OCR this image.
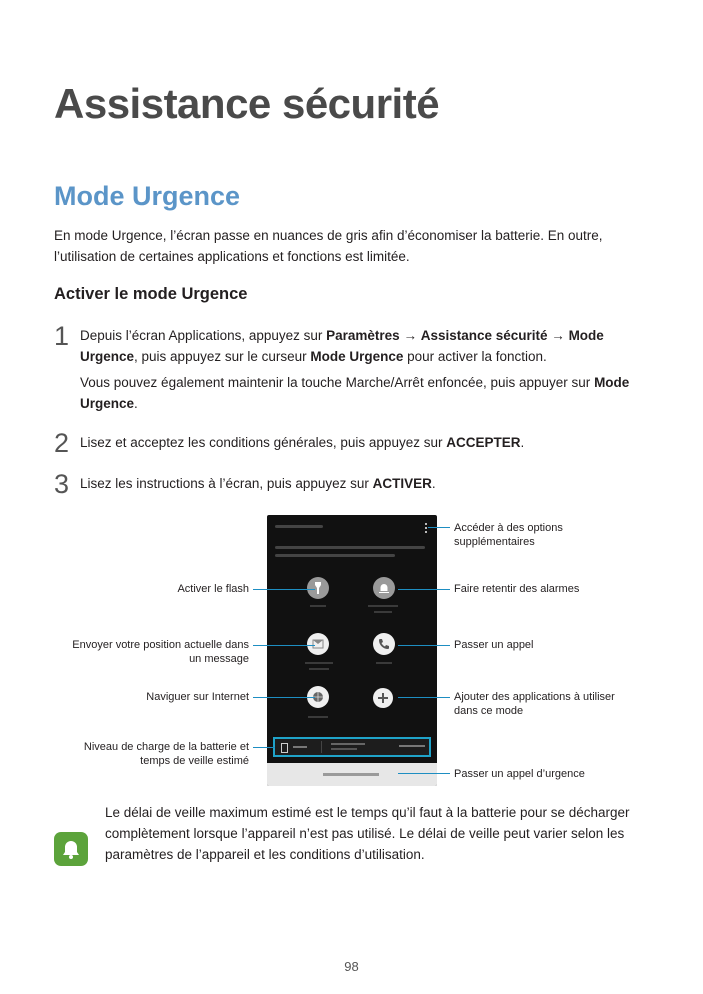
Assistance sécurité
Mode Urgence
En mode Urgence, l’écran passe en nuances de gris afin d’économiser la batterie. En outre, l’utilisation de certaines applications et fonctions est limitée.
Activer le mode Urgence
1 Depuis l’écran Applications, appuyez sur Paramètres → Assistance sécurité → Mode Urgence, puis appuyez sur le curseur Mode Urgence pour activer la fonction.
Vous pouvez également maintenir la touche Marche/Arrêt enfoncée, puis appuyer sur Mode Urgence.
2 Lisez et acceptez les conditions générales, puis appuyez sur ACCEPTER.
3 Lisez les instructions à l’écran, puis appuyez sur ACTIVER.
Accéder à des options supplémentaires
Faire retentir des alarmes
Passer un appel
Ajouter des applications à utiliser dans ce mode
Passer un appel d’urgence
Activer le flash
Envoyer votre position actuelle dans un message
Naviguer sur Internet
Niveau de charge de la batterie et temps de veille estimé
Le délai de veille maximum estimé est le temps qu’il faut à la batterie pour se décharger complètement lorsque l’appareil n’est pas utilisé. Le délai de veille peut varier selon les paramètres de l’appareil et les conditions d’utilisation.
98
